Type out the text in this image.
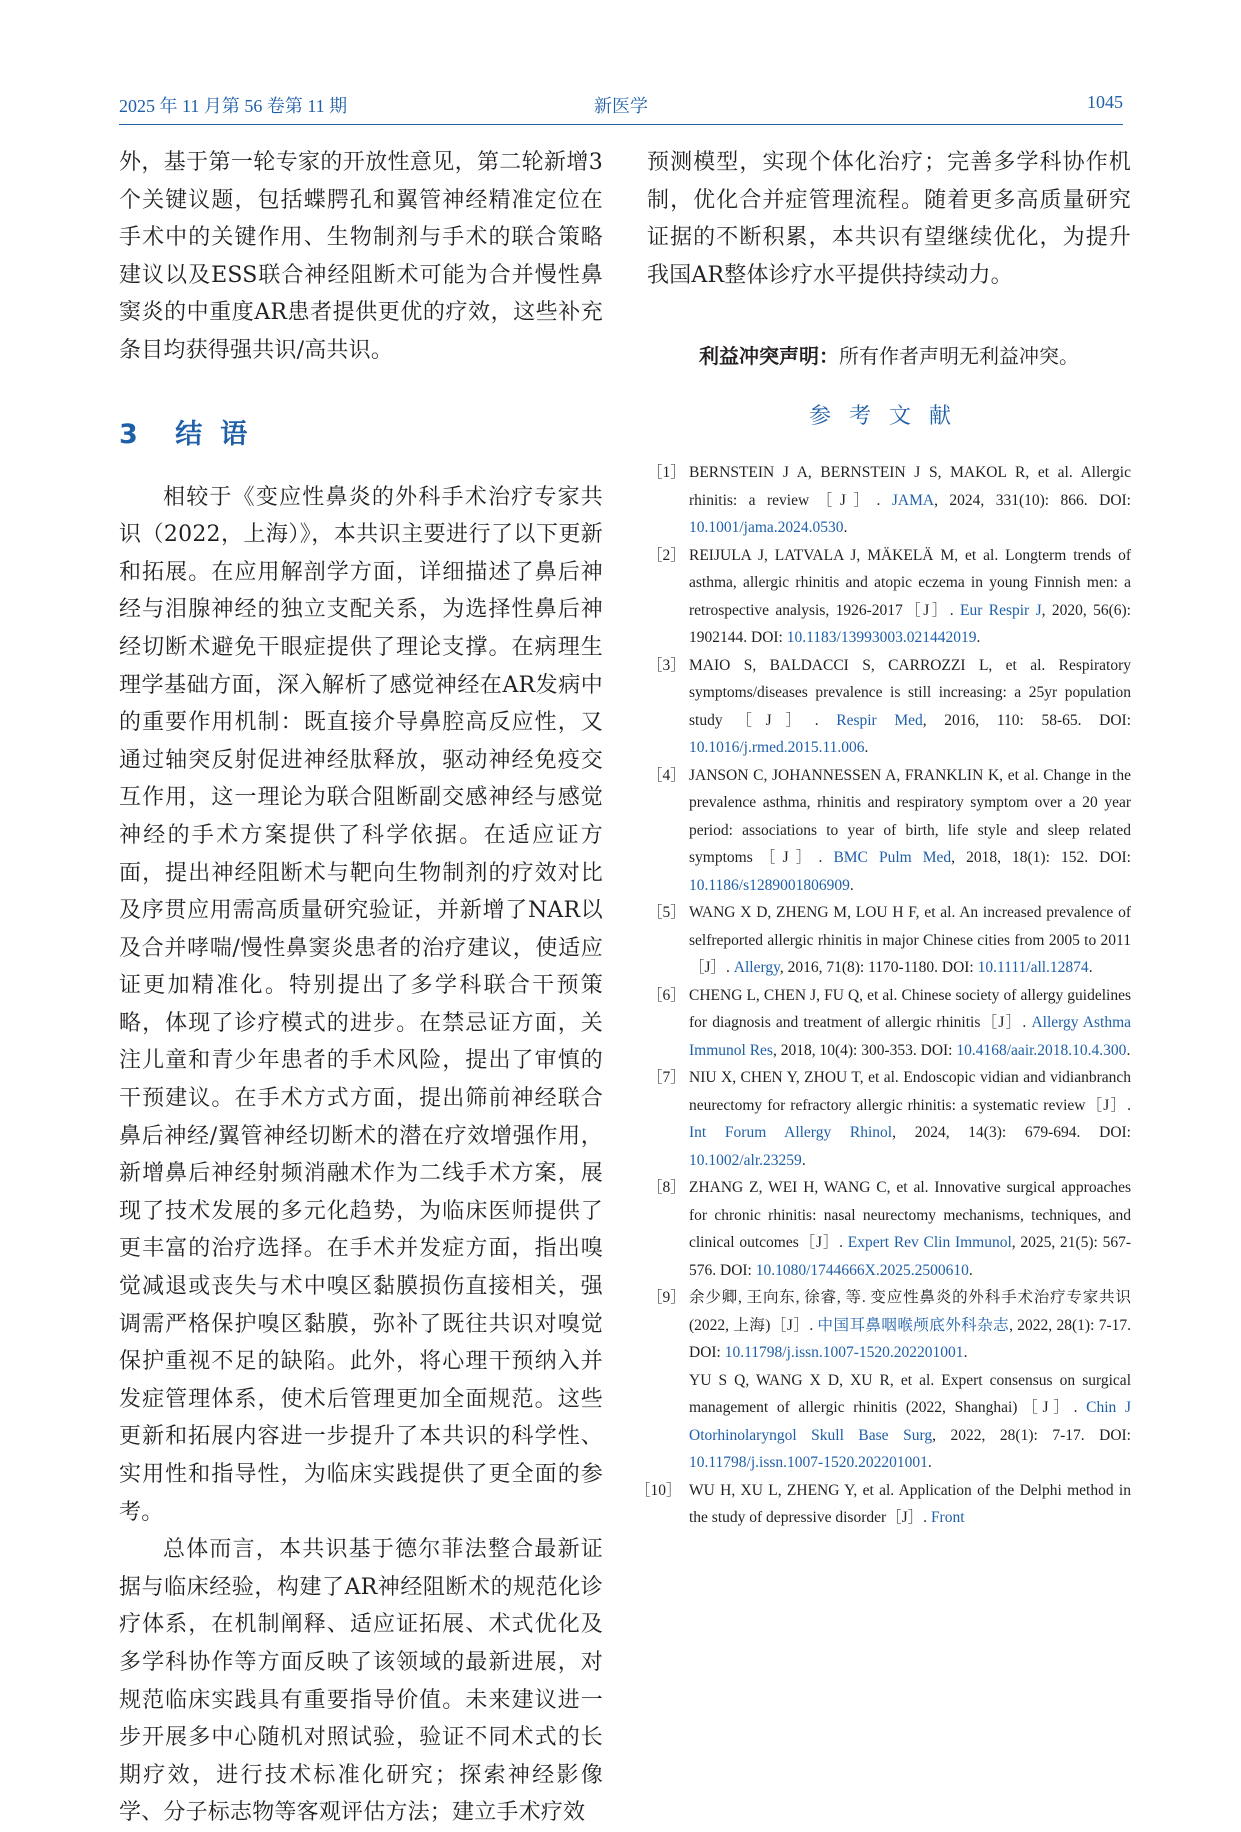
2025 年 11 月第 56 卷第 11 期	新医学	1045

外，基于第一轮专家的开放性意见，第二轮新增3个关键议题，包括蝶腭孔和翼管神经精准定位在手术中的关键作用、生物制剂与手术的联合策略建议以及ESS联合神经阻断术可能为合并慢性鼻窦炎的中重度AR患者提供更优的疗效，这些补充条目均获得强共识/高共识。

3 结语

相较于《变应性鼻炎的外科手术治疗专家共识（2022，上海）》，本共识主要进行了以下更新和拓展。在应用解剖学方面，详细描述了鼻后神经与泪腺神经的独立支配关系，为选择性鼻后神经切断术避免干眼症提供了理论支撑。在病理生理学基础方面，深入解析了感觉神经在AR发病中的重要作用机制：既直接介导鼻腔高反应性，又通过轴突反射促进神经肽释放，驱动神经免疫交互作用，这一理论为联合阻断副交感神经与感觉神经的手术方案提供了科学依据。在适应证方面，提出神经阻断术与靶向生物制剂的疗效对比及序贯应用需高质量研究验证，并新增了NAR以及合并哮喘/慢性鼻窦炎患者的治疗建议，使适应证更加精准化。特别提出了多学科联合干预策略，体现了诊疗模式的进步。在禁忌证方面，关注儿童和青少年患者的手术风险，提出了审慎的干预建议。在手术方式方面，提出筛前神经联合鼻后神经/翼管神经切断术的潜在疗效增强作用，新增鼻后神经射频消融术作为二线手术方案，展现了技术发展的多元化趋势，为临床医师提供了更丰富的治疗选择。在手术并发症方面，指出嗅觉减退或丧失与术中嗅区黏膜损伤直接相关，强调需严格保护嗅区黏膜，弥补了既往共识对嗅觉保护重视不足的缺陷。此外，将心理干预纳入并发症管理体系，使术后管理更加全面规范。这些更新和拓展内容进一步提升了本共识的科学性、实用性和指导性，为临床实践提供了更全面的参考。

总体而言，本共识基于德尔菲法整合最新证据与临床经验，构建了AR神经阻断术的规范化诊疗体系，在机制阐释、适应证拓展、术式优化及多学科协作等方面反映了该领域的最新进展，对规范临床实践具有重要指导价值。未来建议进一步开展多中心随机对照试验，验证不同术式的长期疗效，进行技术标准化研究；探索神经影像学、分子标志物等客观评估方法；建立手术疗效

预测模型，实现个体化治疗；完善多学科协作机制，优化合并症管理流程。随着更多高质量研究证据的不断积累，本共识有望继续优化，为提升我国AR整体诊疗水平提供持续动力。

利益冲突声明：所有作者声明无利益冲突。
参考文献
［1］ BERNSTEIN J A, BERNSTEIN J S, MAKOL R, et al. Allergic rhinitis: a review［J］. JAMA, 2024, 331(10): 866. DOI: 10.1001/jama.2024.0530.
［2］ REIJULA J, LATVALA J, MÄKELÄ M, et al. Longterm trends of asthma, allergic rhinitis and atopic eczema in young Finnish men: a retrospective analysis, 1926-2017［J］. Eur Respir J, 2020, 56(6): 1902144. DOI: 10.1183/13993003.021442019.
［3］ MAIO S, BALDACCI S, CARROZZI L, et al. Respiratory symptoms/diseases prevalence is still increasing: a 25yr population study［J］. Respir Med, 2016, 110: 58-65. DOI: 10.1016/j.rmed.2015.11.006.
［4］ JANSON C, JOHANNESSEN A, FRANKLIN K, et al. Change in the prevalence asthma, rhinitis and respiratory symptom over a 20 year period: associations to year of birth, life style and sleep related symptoms［J］. BMC Pulm Med, 2018, 18(1): 152. DOI: 10.1186/s1289001806909.
［5］ WANG X D, ZHENG M, LOU H F, et al. An increased prevalence of selfreported allergic rhinitis in major Chinese cities from 2005 to 2011［J］. Allergy, 2016, 71(8): 1170-1180. DOI: 10.1111/all.12874.
［6］ CHENG L, CHEN J, FU Q, et al. Chinese society of allergy guidelines for diagnosis and treatment of allergic rhinitis［J］. Allergy Asthma Immunol Res, 2018, 10(4): 300-353. DOI: 10.4168/aair.2018.10.4.300.
［7］ NIU X, CHEN Y, ZHOU T, et al. Endoscopic vidian and vidianbranch neurectomy for refractory allergic rhinitis: a systematic review［J］. Int Forum Allergy Rhinol, 2024, 14(3): 679-694. DOI: 10.1002/alr.23259.
［8］ ZHANG Z, WEI H, WANG C, et al. Innovative surgical approaches for chronic rhinitis: nasal neurectomy mechanisms, techniques, and clinical outcomes［J］. Expert Rev Clin Immunol, 2025, 21(5): 567-576. DOI: 10.1080/1744666X.2025.2500610.
［9］ 余少卿, 王向东, 徐睿, 等. 变应性鼻炎的外科手术治疗专家共识(2022, 上海)［J］. 中国耳鼻咽喉颅底外科杂志, 2022, 28(1): 7-17. DOI: 10.11798/j.issn.1007-1520.202201001.
YU S Q, WANG X D, XU R, et al. Expert consensus on surgical management of allergic rhinitis (2022, Shanghai)［J］. Chin J Otorhinolaryngol Skull Base Surg, 2022, 28(1): 7-17. DOI: 10.11798/j.issn.1007-1520.202201001.
［10］ WU H, XU L, ZHENG Y, et al. Application of the Delphi method in the study of depressive disorder［J］. Front
